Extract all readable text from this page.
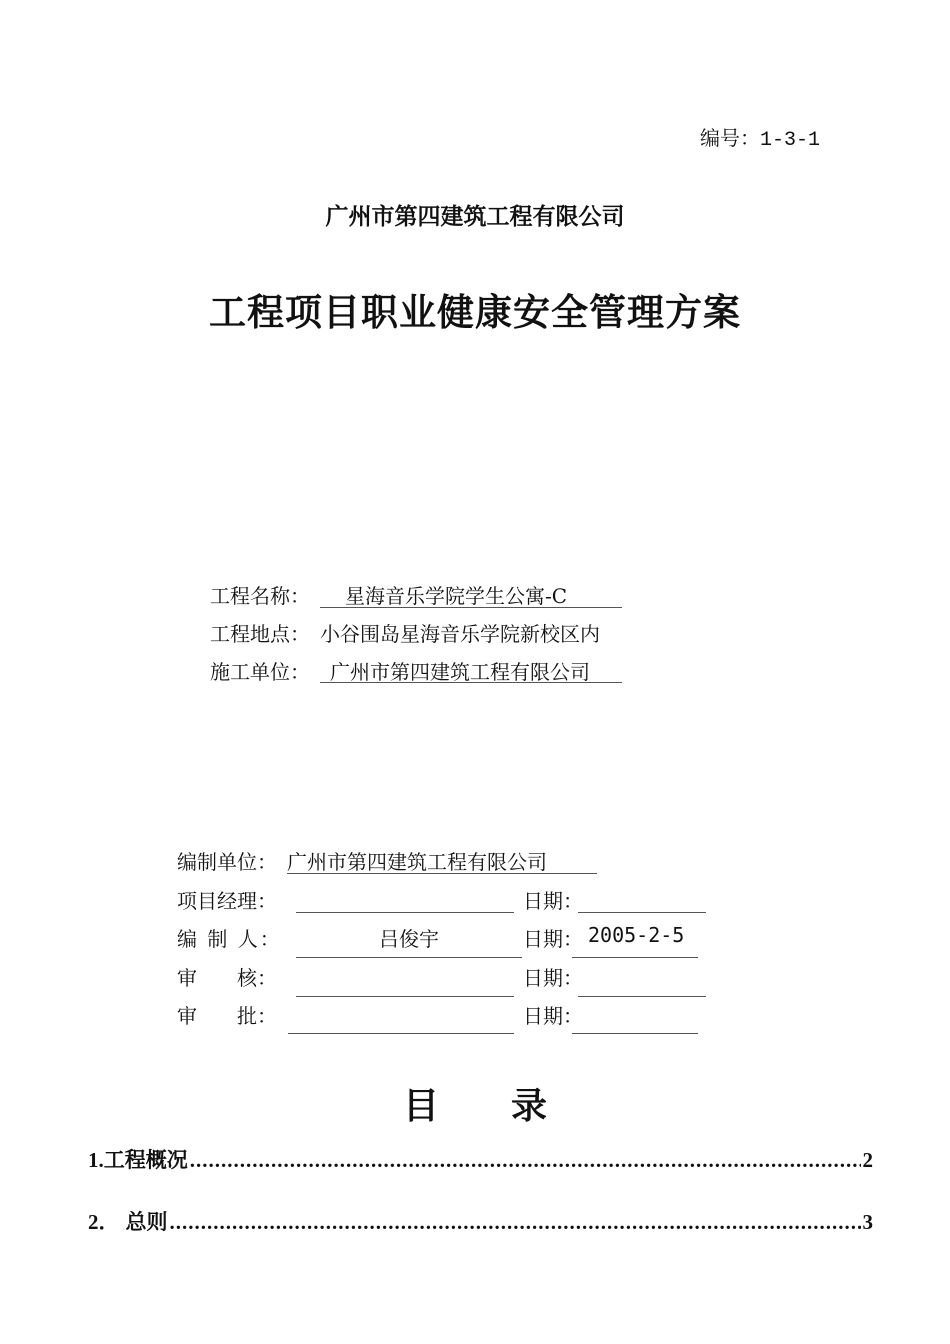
编号：1-3-1
广州市第四建筑工程有限公司
工程项目职业健康安全管理方案
工程名称： 星海音乐学院学生公寓-C
工程地点： 小谷围岛星海音乐学院新校区内
施工单位： 广州市第四建筑工程有限公司
编制单位： 广州市第四建筑工程有限公司
项目经理：	日期：
编 制 人：	吕俊宇	日期： 2005-2-5
审　　核：	日期：
审　　批：	日期：
目　　录
1. 工程概况 .....	2
2． 总则 .....	3
